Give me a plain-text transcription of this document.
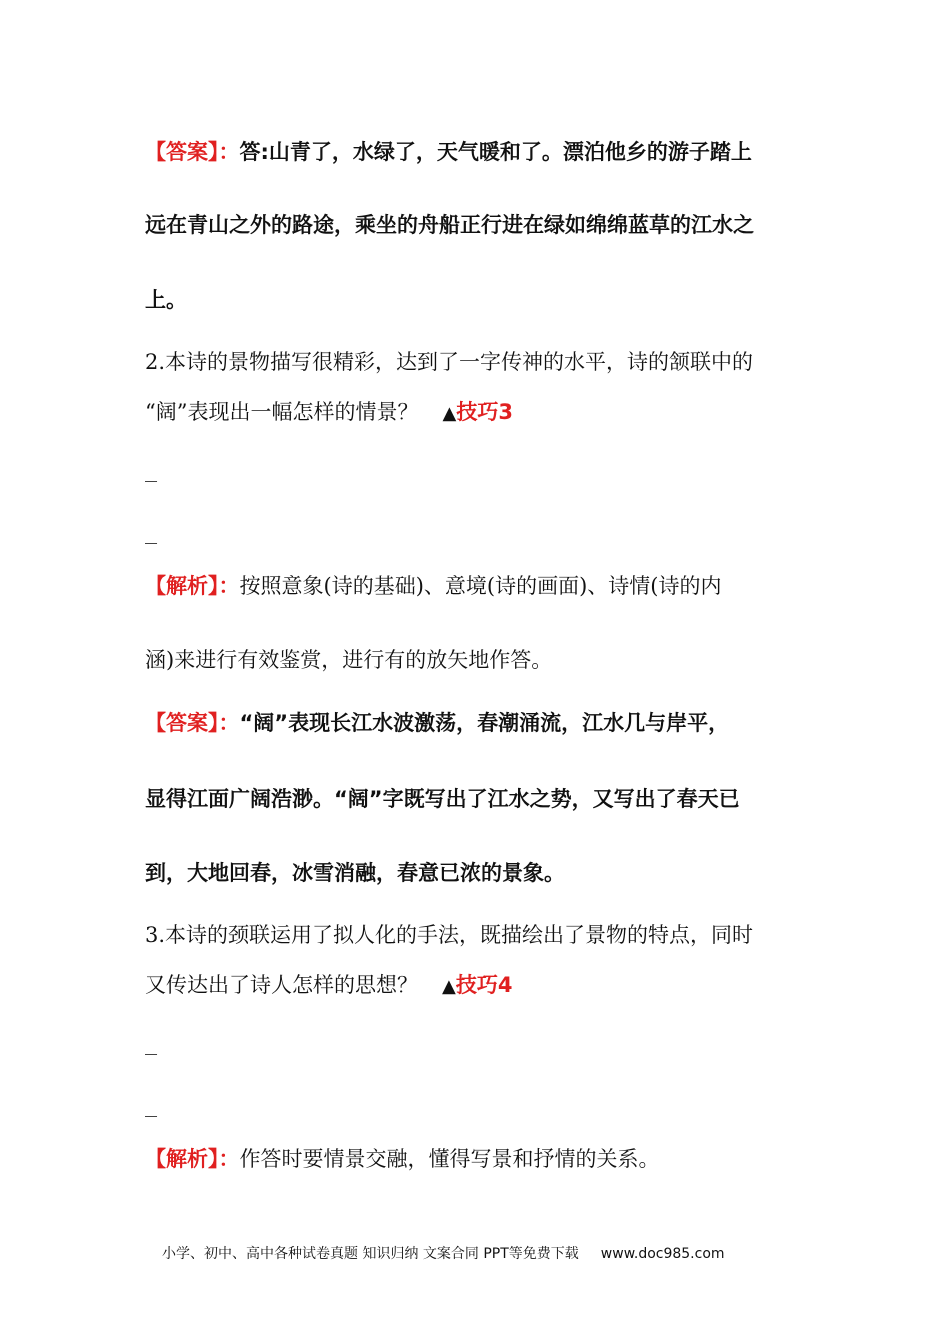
【答案】：答:山青了，水绿了，天气暖和了。漂泊他乡的游子踏上
远在青山之外的路途，乘坐的舟船正行进在绿如绵绵蓝草的江水之
上。
2.本诗的景物描写很精彩，达到了一字传神的水平，诗的颔联中的
“阔”表现出一幅怎样的情景？ ▲技巧3
_
_
【解析】：按照意象(诗的基础)、意境(诗的画面)、诗情(诗的内
涵)来进行有效鉴赏，进行有的放矢地作答。
【答案】：“阔”表现长江水波激荡，春潮涌流，江水几与岸平，
显得江面广阔浩渺。“阔”字既写出了江水之势，又写出了春天已
到，大地回春，冰雪消融，春意已浓的景象。
3.本诗的颈联运用了拟人化的手法，既描绘出了景物的特点，同时
又传达出了诗人怎样的思想？ ▲技巧4
_
_
【解析】：作答时要情景交融，懂得写景和抒情的关系。
小学、初中、高中各种试卷真题 知识归纳 文案合同 PPT等免费下载 www.doc985.com
